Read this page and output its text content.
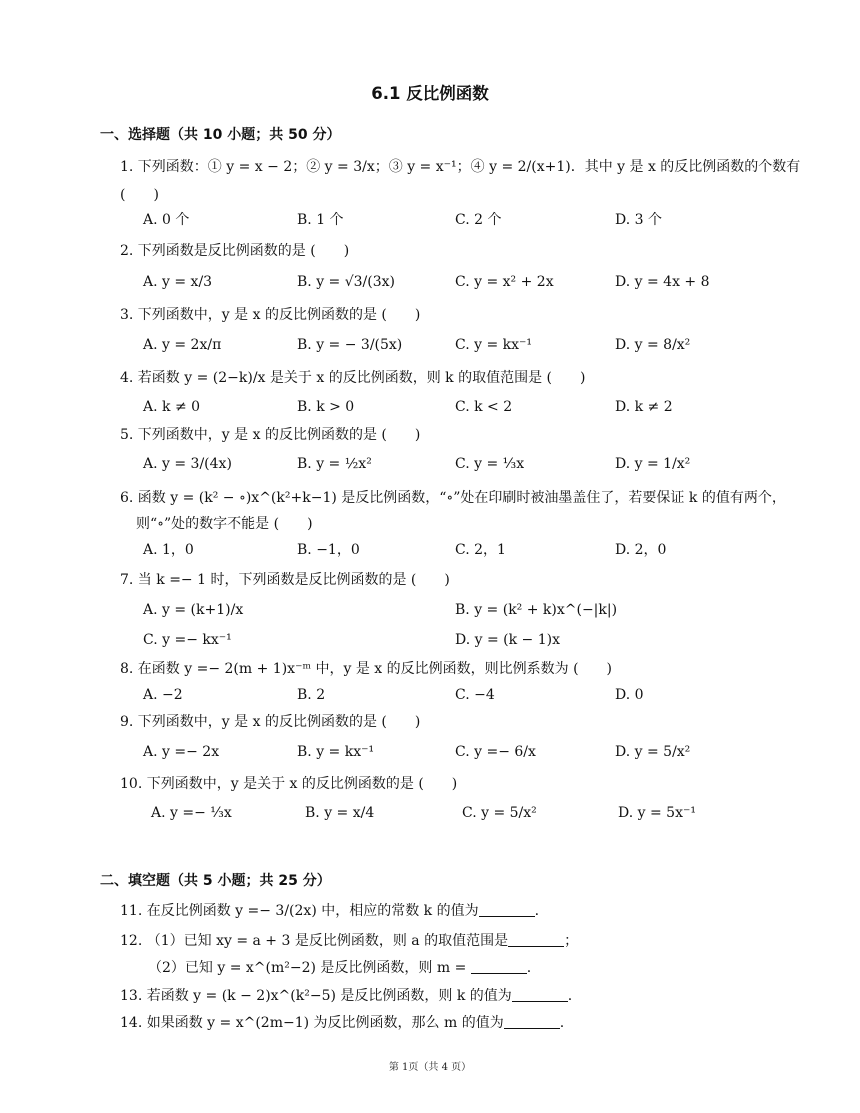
6.1 反比例函数
一、选择题（共 10 小题；共 50 分）
1. 下列函数：① y = x − 2；② y = 3/x；③ y = x⁻¹；④ y = 2/(x+1)．其中 y 是 x 的反比例函数的个数有
(　　)
A. 0 个	B. 1 个	C. 2 个	D. 3 个
2. 下列函数是反比例函数的是 (　　)
A. y = x/3	B. y = √3/(3x)	C. y = x² + 2x	D. y = 4x + 8
3. 下列函数中，y 是 x 的反比例函数的是 (　　)
A. y = 2x/π	B. y = − 3/(5x)	C. y = kx⁻¹	D. y = 8/x²
4. 若函数 y = (2−k)/x 是关于 x 的反比例函数，则 k 的取值范围是 (　　)
A. k ≠ 0	B. k > 0	C. k < 2	D. k ≠ 2
5. 下列函数中，y 是 x 的反比例函数的是 (　　)
A. y = 3/(4x)	B. y = ½x²	C. y = ⅓x	D. y = 1/x²
6. 函数 y = (k² − ∘)x^(k²+k−1) 是反比例函数，“∘”处在印刷时被油墨盖住了，若要保证 k 的值有两个，
则“∘”处的数字不能是 (　　)
A. 1，0	B. −1，0	C. 2，1	D. 2，0
7. 当 k =− 1 时，下列函数是反比例函数的是 (　　)
A. y = (k+1)/x	B. y = (k² + k)x^(−|k|)
C. y =− kx⁻¹	D. y = (k − 1)x
8. 在函数 y =− 2(m + 1)x⁻ᵐ 中，y 是 x 的反比例函数，则比例系数为 (　　)
A. −2	B. 2	C. −4	D. 0
9. 下列函数中，y 是 x 的反比例函数的是 (　　)
A. y =− 2x	B. y = kx⁻¹	C. y =− 6/x	D. y = 5/x²
10. 下列函数中，y 是关于 x 的反比例函数的是 (　　)
A. y =− ⅓x	B. y = x/4	C. y = 5/x²	D. y = 5x⁻¹
二、填空题（共 5 小题；共 25 分）
11. 在反比例函数 y =− 3/(2x) 中，相应的常数 k 的值为	.
12. （1）已知 xy = a + 3 是反比例函数，则 a 的取值范围是	；
（2）已知 y = x^(m²−2) 是反比例函数，则 m =	.
13. 若函数 y = (k − 2)x^(k²−5) 是反比例函数，则 k 的值为	.
14. 如果函数 y = x^(2m−1) 为反比例函数，那么 m 的值为	.
第 1页（共 4 页）
